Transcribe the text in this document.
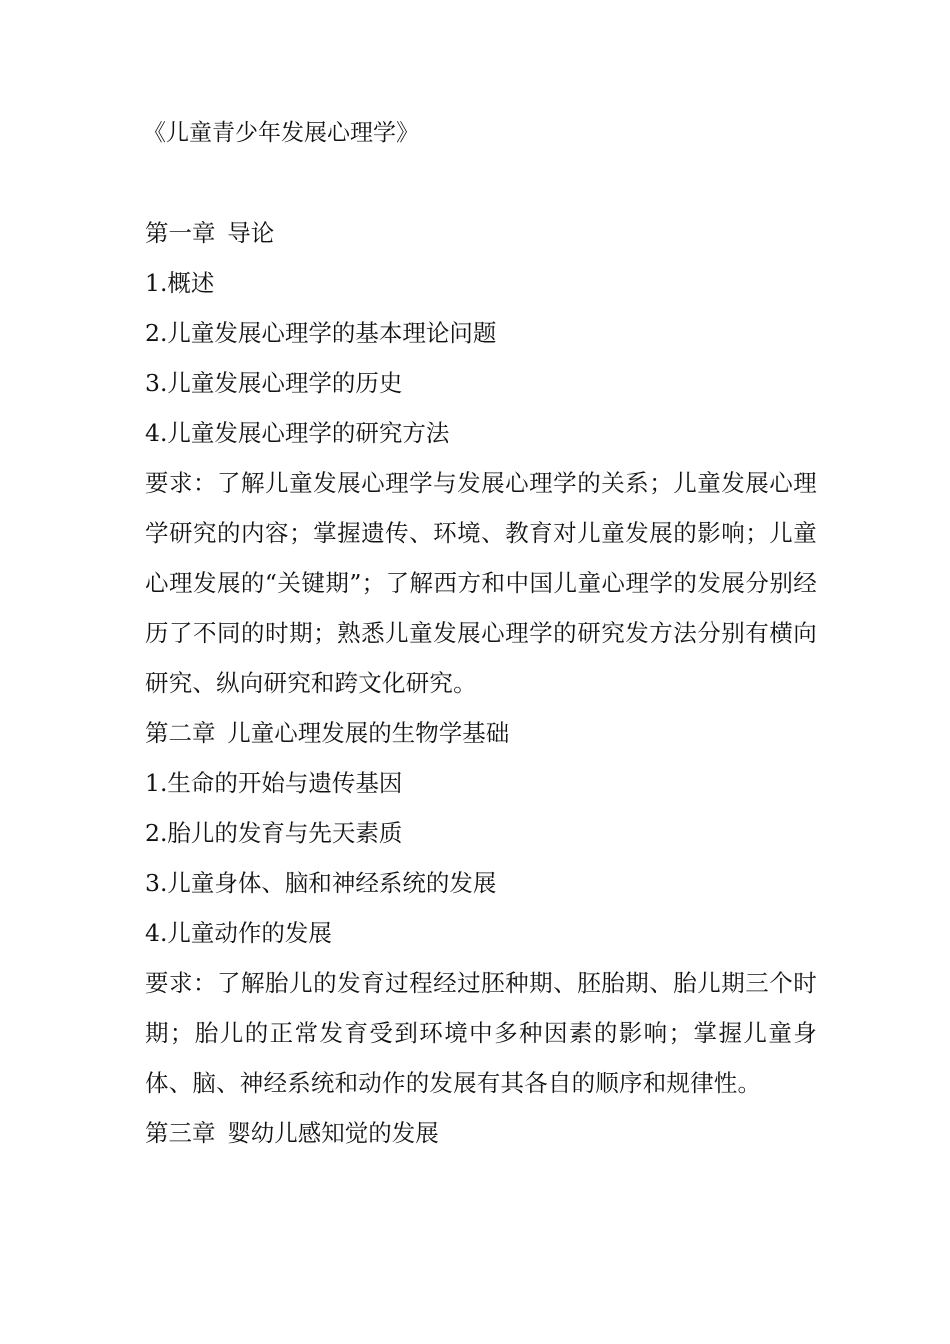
《儿童青少年发展心理学》
第一章 导论
1.概述
2.儿童发展心理学的基本理论问题
3.儿童发展心理学的历史
4.儿童发展心理学的研究方法

要求：了解儿童发展心理学与发展心理学的关系；儿童发展心理学研究的内容；掌握遗传、环境、教育对儿童发展的影响；儿童心理发展的“关键期”；了解西方和中国儿童心理学的发展分别经历了不同的时期；熟悉儿童发展心理学的研究发方法分别有横向研究、纵向研究和跨文化研究。

第二章 儿童心理发展的生物学基础
1.生命的开始与遗传基因
2.胎儿的发育与先天素质
3.儿童身体、脑和神经系统的发展
4.儿童动作的发展

要求：了解胎儿的发育过程经过胚种期、胚胎期、胎儿期三个时期；胎儿的正常发育受到环境中多种因素的影响；掌握儿童身体、脑、神经系统和动作的发展有其各自的顺序和规律性。

第三章 婴幼儿感知觉的发展
